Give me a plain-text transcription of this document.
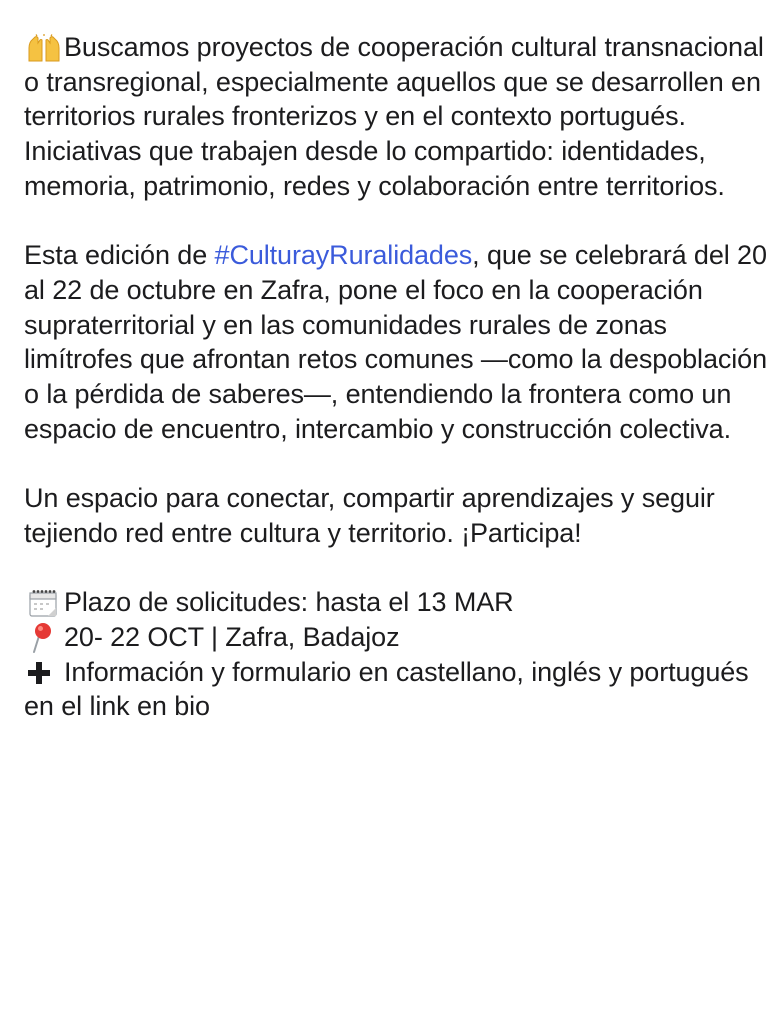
Buscamos proyectos de cooperación cultural transnacional o transregional, especialmente aquellos que se desarrollen en territorios rurales fronterizos y en el contexto portugués. Iniciativas que trabajen desde lo compartido: identidades, memoria, patrimonio, redes y colaboración entre territorios.

Esta edición de #CulturayRuralidades, que se celebrará del 20 al 22 de octubre en Zafra, pone el foco en la cooperación supraterritorial y en las comunidades rurales de zonas limítrofes que afrontan retos comunes —como la despoblación o la pérdida de saberes—, entendiendo la frontera como un espacio de encuentro, intercambio y construcción colectiva.

Un espacio para conectar, compartir aprendizajes y seguir tejiendo red entre cultura y territorio. ¡Participa!

Plazo de solicitudes: hasta el 13 MAR
20- 22 OCT | Zafra, Badajoz
Información y formulario en castellano, inglés y portugués en el link en bio
